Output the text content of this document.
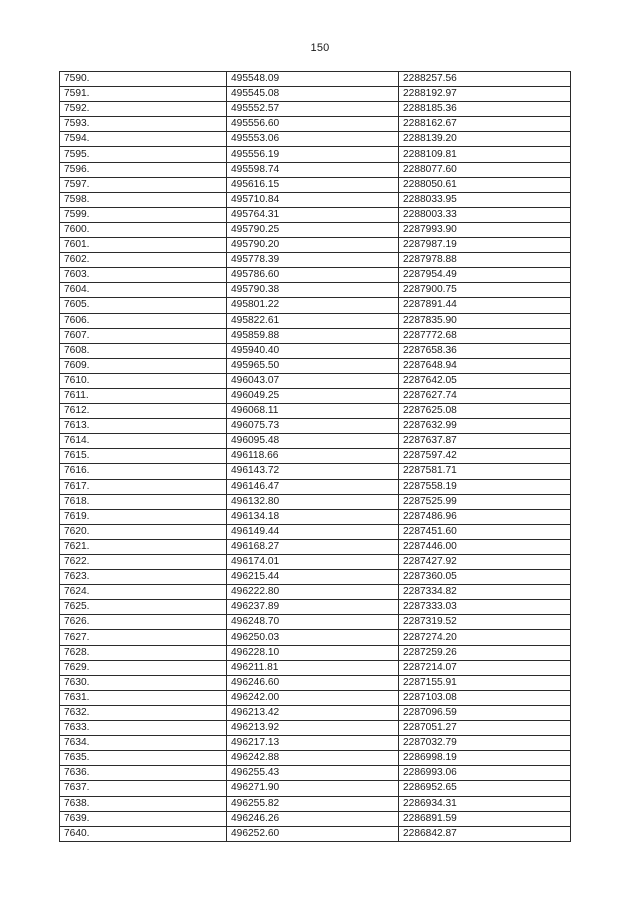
150
7590.	495548.09	2288257.56
7591.	495545.08	2288192.97
7592.	495552.57	2288185.36
7593.	495556.60	2288162.67
7594.	495553.06	2288139.20
7595.	495556.19	2288109.81
7596.	495598.74	2288077.60
7597.	495616.15	2288050.61
7598.	495710.84	2288033.95
7599.	495764.31	2288003.33
7600.	495790.25	2287993.90
7601.	495790.20	2287987.19
7602.	495778.39	2287978.88
7603.	495786.60	2287954.49
7604.	495790.38	2287900.75
7605.	495801.22	2287891.44
7606.	495822.61	2287835.90
7607.	495859.88	2287772.68
7608.	495940.40	2287658.36
7609.	495965.50	2287648.94
7610.	496043.07	2287642.05
7611.	496049.25	2287627.74
7612.	496068.11	2287625.08
7613.	496075.73	2287632.99
7614.	496095.48	2287637.87
7615.	496118.66	2287597.42
7616.	496143.72	2287581.71
7617.	496146.47	2287558.19
7618.	496132.80	2287525.99
7619.	496134.18	2287486.96
7620.	496149.44	2287451.60
7621.	496168.27	2287446.00
7622.	496174.01	2287427.92
7623.	496215.44	2287360.05
7624.	496222.80	2287334.82
7625.	496237.89	2287333.03
7626.	496248.70	2287319.52
7627.	496250.03	2287274.20
7628.	496228.10	2287259.26
7629.	496211.81	2287214.07
7630.	496246.60	2287155.91
7631.	496242.00	2287103.08
7632.	496213.42	2287096.59
7633.	496213.92	2287051.27
7634.	496217.13	2287032.79
7635.	496242.88	2286998.19
7636.	496255.43	2286993.06
7637.	496271.90	2286952.65
7638.	496255.82	2286934.31
7639.	496246.26	2286891.59
7640.	496252.60	2286842.87
